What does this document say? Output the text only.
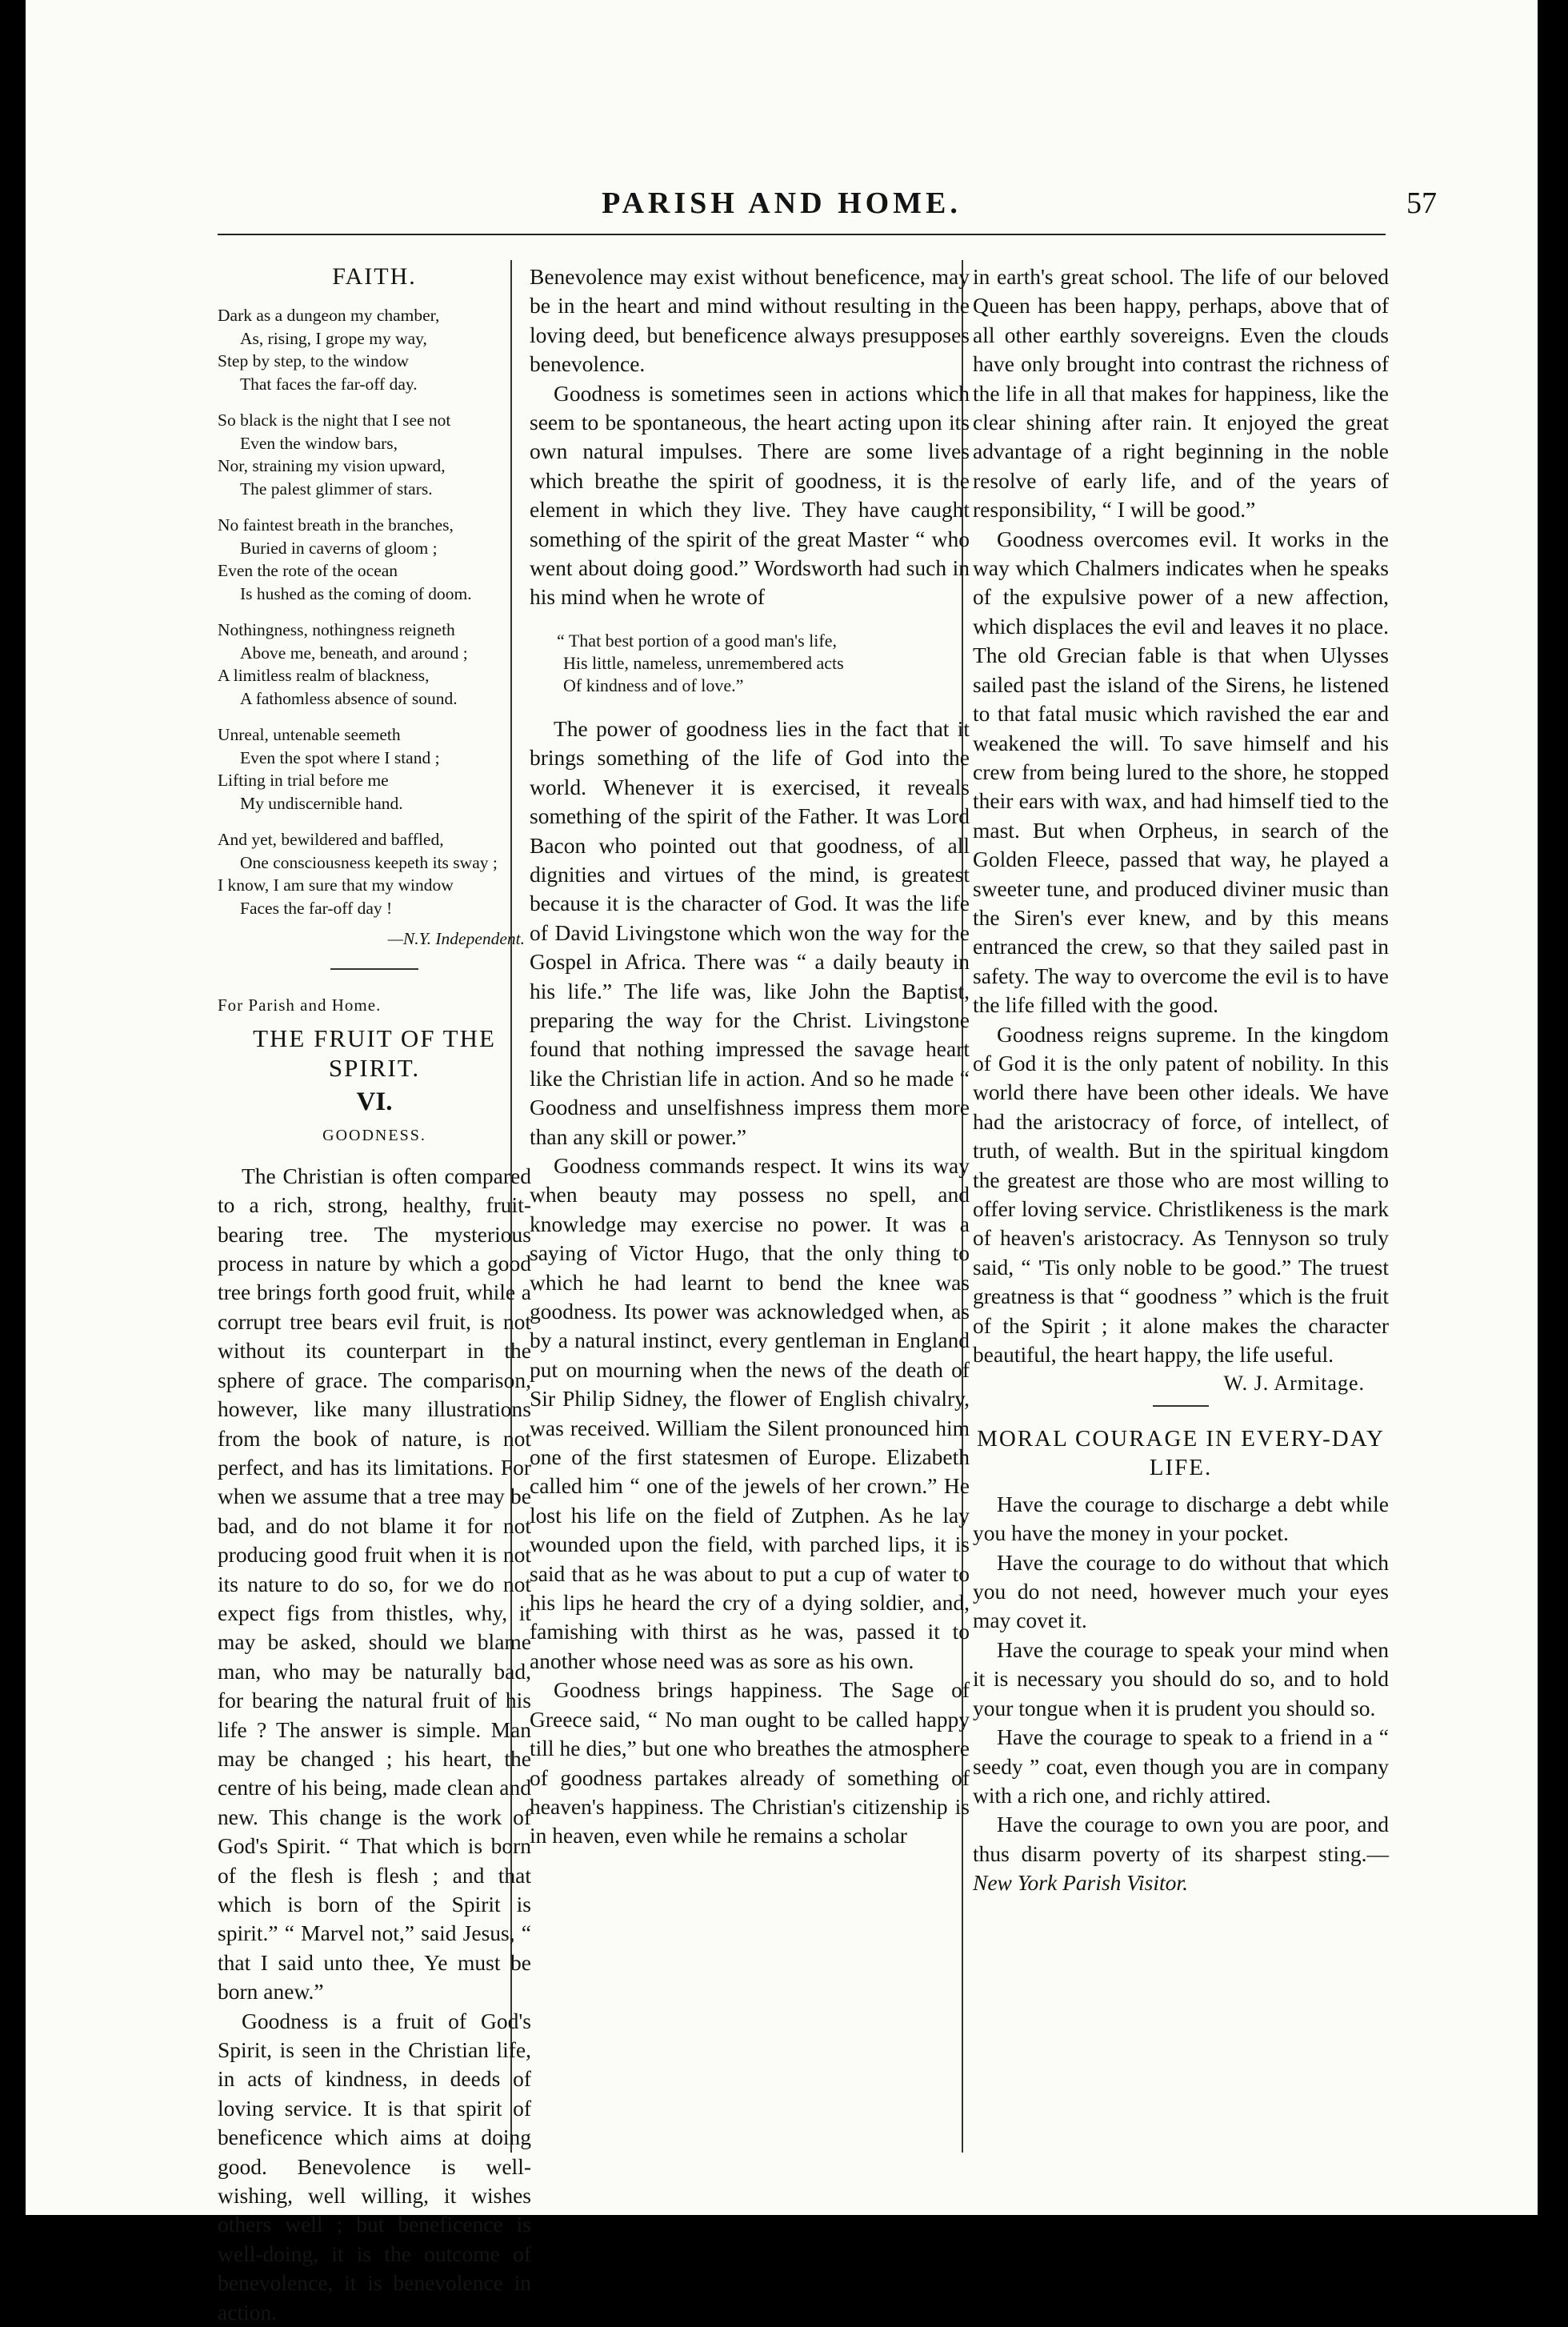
PARISH AND HOME.	57
FAITH.
Dark as a dungeon my chamber,
As, rising, I grope my way,
Step by step, to the window
That faces the far-off day.
So black is the night that I see not
Even the window bars,
Nor, straining my vision upward,
The palest glimmer of stars.
No faintest breath in the branches,
Buried in caverns of gloom ;
Even the rote of the ocean
Is hushed as the coming of doom.
Nothingness, nothingness reigneth
Above me, beneath, and around ;
A limitless realm of blackness,
A fathomless absence of sound.
Unreal, untenable seemeth
Even the spot where I stand ;
Lifting in trial before me
My undiscernible hand.
And yet, bewildered and baffled,
One consciousness keepeth its sway ;
I know, I am sure that my window
Faces the far-off day !
—N.Y. Independent.
For Parish and Home.
THE FRUIT OF THE SPIRIT.
VI.
GOODNESS.

The Christian is often compared to a rich, strong, healthy, fruit-bearing tree. The mysterious process in nature by which a good tree brings forth good fruit, while a corrupt tree bears evil fruit, is not without its counterpart in the sphere of grace. The comparison, however, like many illustrations from the book of nature, is not perfect, and has its limitations. For when we assume that a tree may be bad, and do not blame it for not producing good fruit when it is not its nature to do so, for we do not expect figs from thistles, why, it may be asked, should we blame man, who may be naturally bad, for bearing the natural fruit of his life ? The answer is simple. Man may be changed ; his heart, the centre of his being, made clean and new. This change is the work of God's Spirit. “ That which is born of the flesh is flesh ; and that which is born of the Spirit is spirit.” “ Marvel not,” said Jesus, “ that I said unto thee, Ye must be born anew.”

Goodness is a fruit of God's Spirit, is seen in the Christian life, in acts of kindness, in deeds of loving service. It is that spirit of beneficence which aims at doing good. Benevolence is well-wishing, well willing, it wishes others well ; but beneficence is well-doing, it is the outcome of benevolence, it is benevolence in action.

Benevolence may exist without beneficence, may be in the heart and mind without resulting in the loving deed, but beneficence always presupposes benevolence.

Goodness is sometimes seen in actions which seem to be spontaneous, the heart acting upon its own natural impulses. There are some lives which breathe the spirit of goodness, it is the element in which they live. They have caught something of the spirit of the great Master “ who went about doing good.” Wordsworth had such in his mind when he wrote of

“ That best portion of a good man's life,
His little, nameless, unremembered acts
Of kindness and of love.”

The power of goodness lies in the fact that it brings something of the life of God into the world. Whenever it is exercised, it reveals something of the spirit of the Father. It was Lord Bacon who pointed out that goodness, of all dignities and virtues of the mind, is greatest because it is the character of God. It was the life of David Livingstone which won the way for the Gospel in Africa. There was “ a daily beauty in his life.” The life was, like John the Baptist, preparing the way for the Christ. Livingstone found that nothing impressed the savage heart like the Christian life in action. And so he made “ Goodness and unselfishness impress them more than any skill or power.”

Goodness commands respect. It wins its way when beauty may possess no spell, and knowledge may exercise no power. It was a saying of Victor Hugo, that the only thing to which he had learnt to bend the knee was goodness. Its power was acknowledged when, as by a natural instinct, every gentleman in England put on mourning when the news of the death of Sir Philip Sidney, the flower of English chivalry, was received. William the Silent pronounced him one of the first statesmen of Europe. Elizabeth called him “ one of the jewels of her crown.” He lost his life on the field of Zutphen. As he lay wounded upon the field, with parched lips, it is said that as he was about to put a cup of water to his lips he heard the cry of a dying soldier, and, famishing with thirst as he was, passed it to another whose need was as sore as his own.

Goodness brings happiness. The Sage of Greece said, “ No man ought to be called happy till he dies,” but one who breathes the atmosphere of goodness partakes already of something of heaven's happiness. The Christian's citizenship is in heaven, even while he remains a scholar

in earth's great school. The life of our beloved Queen has been happy, perhaps, above that of all other earthly sovereigns. Even the clouds have only brought into contrast the richness of the life in all that makes for happiness, like the clear shining after rain. It enjoyed the great advantage of a right beginning in the noble resolve of early life, and of the years of responsibility, “ I will be good.”

Goodness overcomes evil. It works in the way which Chalmers indicates when he speaks of the expulsive power of a new affection, which displaces the evil and leaves it no place. The old Grecian fable is that when Ulysses sailed past the island of the Sirens, he listened to that fatal music which ravished the ear and weakened the will. To save himself and his crew from being lured to the shore, he stopped their ears with wax, and had himself tied to the mast. But when Orpheus, in search of the Golden Fleece, passed that way, he played a sweeter tune, and produced diviner music than the Siren's ever knew, and by this means entranced the crew, so that they sailed past in safety. The way to overcome the evil is to have the life filled with the good.

Goodness reigns supreme. In the kingdom of God it is the only patent of nobility. In this world there have been other ideals. We have had the aristocracy of force, of intellect, of truth, of wealth. But in the spiritual kingdom the greatest are those who are most willing to offer loving service. Christlikeness is the mark of heaven's aristocracy. As Tennyson so truly said, “ 'Tis only noble to be good.” The truest greatness is that “ goodness ” which is the fruit of the Spirit ; it alone makes the character beautiful, the heart happy, the life useful.

W. J. Armitage.
MORAL COURAGE IN EVERY-DAY LIFE.

Have the courage to discharge a debt while you have the money in your pocket.

Have the courage to do without that which you do not need, however much your eyes may covet it.

Have the courage to speak your mind when it is necessary you should do so, and to hold your tongue when it is prudent you should so.

Have the courage to speak to a friend in a “ seedy ” coat, even though you are in company with a rich one, and richly attired.

Have the courage to own you are poor, and thus disarm poverty of its sharpest sting.—New York Parish Visitor.
